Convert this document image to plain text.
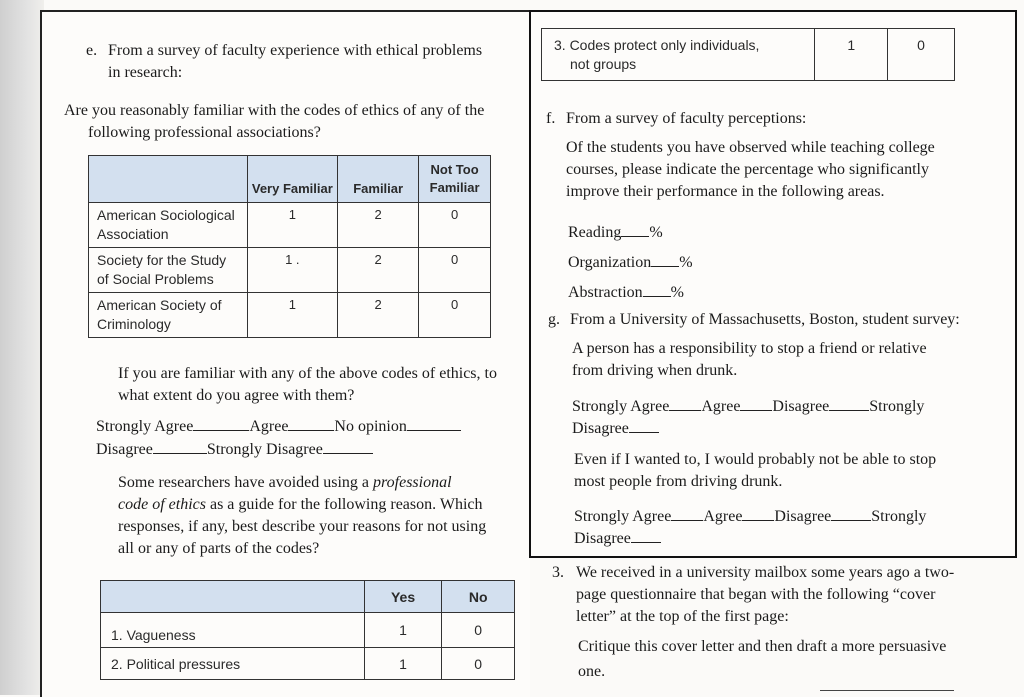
e. From a survey of faculty experience with ethical problems
in research:
Are you reasonably familiar with the codes of ethics of any of the
following professional associations?
	Very Familiar	Familiar	Not Too Familiar
American Sociological
Association	1	2	0
Society for the Study
of Social Problems	1 .	2	0
American Society of
Criminology	1	2	0
If you are familiar with any of the above codes of ethics, to
what extent do you agree with them?
Strongly Agree	Agree	No opinion
Disagree	Strongly Disagree
Some researchers have avoided using a professional
code of ethics as a guide for the following reason. Which
responses, if any, best describe your reasons for not using
all or any of parts of the codes?
	Yes	No
1. Vagueness	1	0
2. Political pressures	1	0
3. Codes protect only individuals,
not groups	1	0
f. From a survey of faculty perceptions:
Of the students you have observed while teaching college
courses, please indicate the percentage who significantly
improve their performance in the following areas.
Reading %
Organization %
Abstraction %
g. From a University of Massachusetts, Boston, student survey:
A person has a responsibility to stop a friend or relative
from driving when drunk.
Strongly Agree Agree Disagree	Strongly
Disagree
Even if I wanted to, I would probably not be able to stop
most people from driving drunk.
Strongly Agree Agree Disagree	Strongly
Disagree
3. We received in a university mailbox some years ago a two-
page questionnaire that began with the following “cover
letter” at the top of the first page:
Critique this cover letter and then draft a more persuasive
one.
